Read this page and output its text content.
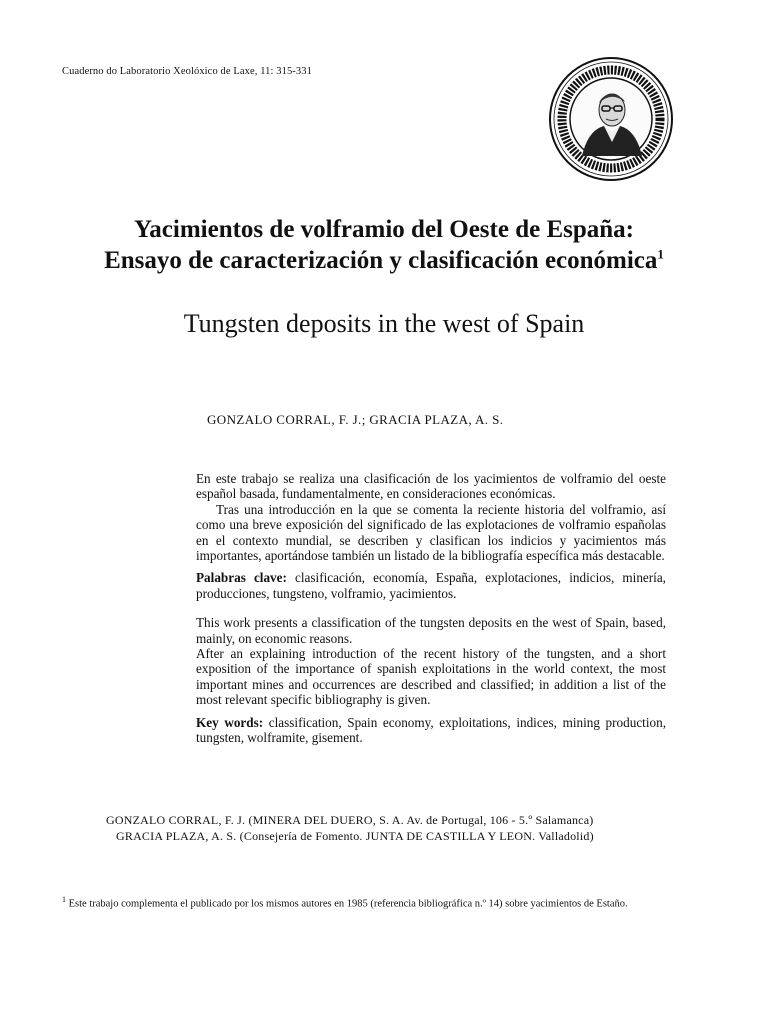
Cuaderno do Laboratorio Xeolóxico de Laxe, 11: 315-331
Yacimientos de volframio del Oeste de España:
Ensayo de caracterización y clasificación económica$^1$
Tungsten deposits in the west of Spain
GONZALO CORRAL, F. J.; GRACIA PLAZA, A. S.

En este trabajo se realiza una clasificación de los yacimientos de volframio del oeste español basada, fundamentalmente, en consideraciones económicas.

Tras una introducción en la que se comenta la reciente historia del volframio, así como una breve exposición del significado de las explotaciones de volframio españolas en el contexto mundial, se describen y clasifican los indicios y yacimientos más importantes, aportándose también un listado de la bibliografía específica más destacable.

Palabras clave: clasificación, economía, España, explotaciones, indicios, minería, producciones, tungsteno, volframio, yacimientos.

This work presents a classification of the tungsten deposits en the west of Spain, based, mainly, on economic reasons.

After an explaining introduction of the recent history of the tungsten, and a short exposition of the importance of spanish exploitations in the world context, the most important mines and occurrences are described and classified; in addition a list of the most relevant specific bibliography is given.

Key words: classification, Spain economy, exploitations, indices, mining production, tungsten, wolframite, gisement.

GONZALO CORRAL, F. J. (MINERA DEL DUERO, S. A. Av. de Portugal, 106 - 5.º Salamanca)
GRACIA PLAZA, A. S. (Consejería de Fomento. JUNTA DE CASTILLA Y LEON. Valladolid)
$^1$ Este trabajo complementa el publicado por los mismos autores en 1985 (referencia bibliográfica n.º 14) sobre yacimientos de Estaño.
